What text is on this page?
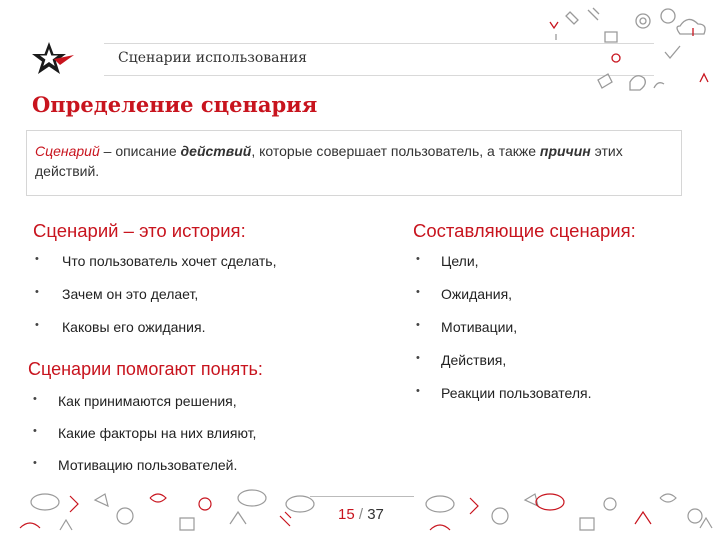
Сценарии использования
Определение сценария
Сценарий – описание действий, которые совершает пользователь, а также причин этих действий.
Сценарий – это история:
• Что пользователь хочет сделать,
• Зачем он это делает,
• Каковы его ожидания.
Сценарии помогают понять:
• Как принимаются решения,
• Какие факторы на них влияют,
• Мотивацию пользователей.
Составляющие сценария:
• Цели,
• Ожидания,
• Мотивации,
• Действия,
• Реакции пользователя.
15 / 37
